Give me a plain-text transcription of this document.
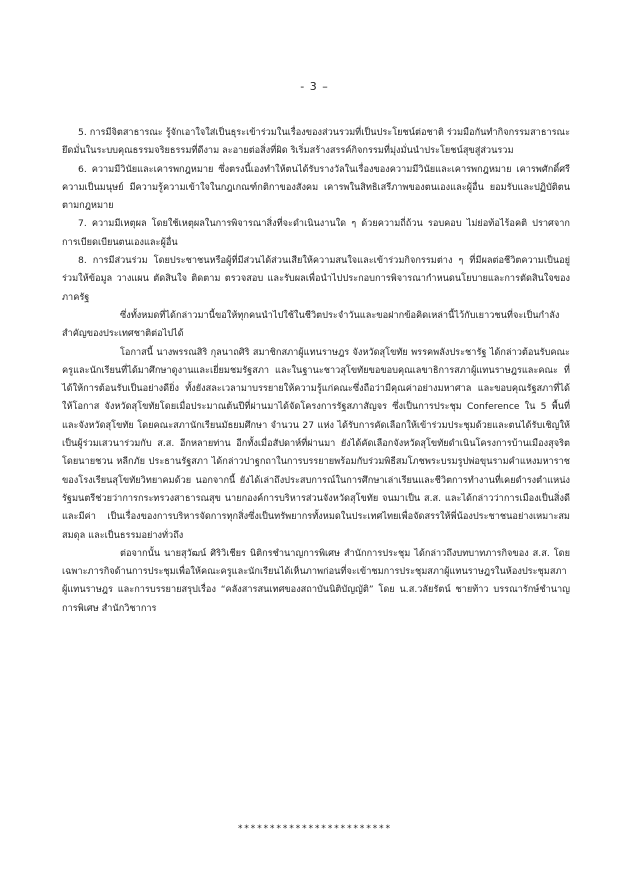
- 3 –

5. การมีจิตสาธารณะ รู้จักเอาใจใส่เป็นธุระเข้าร่วมในเรื่องของส่วนรวมที่เป็นประโยชน์ต่อชาติ ร่วมมือกันทำกิจกรรมสาธารณะ ยึดมั่นในระบบคุณธรรมจริยธรรมที่ดีงาม ละอายต่อสิ่งที่ผิด ริเริ่มสร้างสรรค์กิจกรรมที่มุ่งมั่นนำประโยชน์สุขสู่ส่วนรวม

6. ความมีวินัยและเคารพกฎหมาย ซึ่งตรงนี้เองทำให้ตนได้รับรางวัลในเรื่องของความมีวินัยและเคารพกฎหมาย เคารพศักดิ์ศรีความเป็นมนุษย์ มีความรู้ความเข้าใจในกฎเกณฑ์กติกาของสังคม เคารพในสิทธิเสรีภาพของตนเองและผู้อื่น ยอมรับและปฏิบัติตนตามกฎหมาย

7. ความมีเหตุผล โดยใช้เหตุผลในการพิจารณาสิ่งที่จะดำเนินงานใด ๆ ด้วยความถี่ถ้วน รอบคอบ ไม่ย่อท้อไร้อคติ ปราศจากการเบียดเบียนตนเองและผู้อื่น

8. การมีส่วนร่วม โดยประชาชนหรือผู้ที่มีส่วนได้ส่วนเสียให้ความสนใจและเข้าร่วมกิจกรรมต่าง ๆ ที่มีผลต่อชีวิตความเป็นอยู่ ร่วมให้ข้อมูล วางแผน ตัดสินใจ ติดตาม ตรวจสอบ และรับผลเพื่อนำไปประกอบการพิจารณากำหนดนโยบายและการตัดสินใจของภาครัฐ

ซึ่งทั้งหมดที่ได้กล่าวมานี้ขอให้ทุกคนนำไปใช้ในชีวิตประจำวันและขอฝากข้อคิดเหล่านี้ไว้กับเยาวชนที่จะเป็นกำลังสำคัญของประเทศชาติต่อไปได้

โอกาสนี้ นางพรรณสิริ กุลนาถศิริ สมาชิกสภาผู้แทนราษฎร จังหวัดสุโขทัย พรรคพลังประชารัฐ ได้กล่าวต้อนรับคณะครูและนักเรียนที่ได้มาศึกษาดูงานและเยี่ยมชมรัฐสภา และในฐานะชาวสุโขทัยขอขอบคุณเลขาธิการสภาผู้แทนราษฎรและคณะ ที่ได้ให้การต้อนรับเป็นอย่างดียิ่ง ทั้งยังสละเวลามาบรรยายให้ความรู้แก่คณะซึ่งถือว่ามีคุณค่าอย่างมหาศาล และขอบคุณรัฐสภาที่ได้ให้โอกาส จังหวัดสุโขทัยโดยเมื่อประมาณต้นปีที่ผ่านมาได้จัดโครงการรัฐสภาสัญจร ซึ่งเป็นการประชุม Conference ใน 5 พื้นที่และจังหวัดสุโขทัย โดยคณะสภานักเรียนมัธยมศึกษา จำนวน 27 แห่ง ได้รับการคัดเลือกให้เข้าร่วมประชุมด้วยและตนได้รับเชิญให้เป็นผู้ร่วมเสวนาร่วมกับ ส.ส. อีกหลายท่าน อีกทั้งเมื่อสัปดาห์ที่ผ่านมา ยังได้คัดเลือกจังหวัดสุโขทัยดำเนินโครงการบ้านเมืองสุจริต โดยนายชวน หลีกภัย ประธานรัฐสภา ได้กล่าวปาฐกถาในการบรรยายพร้อมกับร่วมพิธีสมโภชพระบรมรูปพ่อขุนรามคำแหงมหาราชของโรงเรียนสุโขทัยวิทยาคมด้วย นอกจากนี้ ยังได้เล่าถึงประสบการณ์ในการศึกษาเล่าเรียนและชีวิตการทำงานที่เคยดำรงตำแหน่งรัฐมนตรีช่วยว่าการกระทรวงสาธารณสุข นายกองค์การบริหารส่วนจังหวัดสุโขทัย จนมาเป็น ส.ส. และได้กล่าวว่าการเมืองเป็นสิ่งดีและมีค่า เป็นเรื่องของการบริหารจัดการทุกสิ่งซึ่งเป็นทรัพยากรทั้งหมดในประเทศไทยเพื่อจัดสรรให้พี่น้องประชาชนอย่างเหมาะสม สมดุล และเป็นธรรมอย่างทั่วถึง

ต่อจากนั้น นายสุวัฒน์ ศิริวิเชียร นิติกรชำนาญการพิเศษ สำนักการประชุม ได้กล่าวถึงบทบาทภารกิจของ ส.ส. โดยเฉพาะภารกิจด้านการประชุมเพื่อให้คณะครูและนักเรียนได้เห็นภาพก่อนที่จะเข้าชมการประชุมสภาผู้แทนราษฎรในห้องประชุมสภาผู้แทนราษฎร และการบรรยายสรุปเรื่อง “คลังสารสนเทศของสถาบันนิติบัญญัติ” โดย น.ส.วลัยรัตน์ ชายท้าว บรรณารักษ์ชำนาญการพิเศษ สำนักวิชาการ

************************
